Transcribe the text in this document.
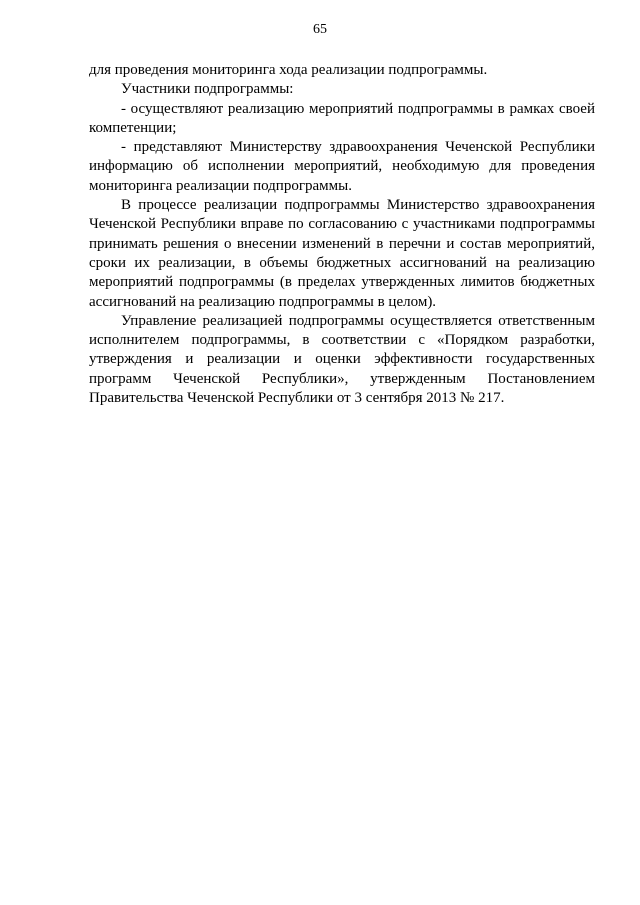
65

для проведения мониторинга хода реализации подпрограммы.

Участники подпрограммы:

- осуществляют реализацию мероприятий подпрограммы в рамках своей компетенции;

- представляют Министерству здравоохранения Чеченской Республики информацию об исполнении мероприятий, необходимую для проведения мониторинга реализации подпрограммы.

В процессе реализации подпрограммы Министерство здравоохранения Чеченской Республики вправе по согласованию с участниками подпрограммы принимать решения о внесении изменений в перечни и состав мероприятий, сроки их реализации, в объемы бюджетных ассигнований на реализацию мероприятий подпрограммы (в пределах утвержденных лимитов бюджетных ассигнований на реализацию подпрограммы в целом).

Управление реализацией подпрограммы осуществляется ответственным исполнителем подпрограммы, в соответствии с «Порядком разработки, утверждения и реализации и оценки эффективности государственных программ Чеченской Республики», утвержденным Постановлением Правительства Чеченской Республики от 3 сентября 2013 № 217.
